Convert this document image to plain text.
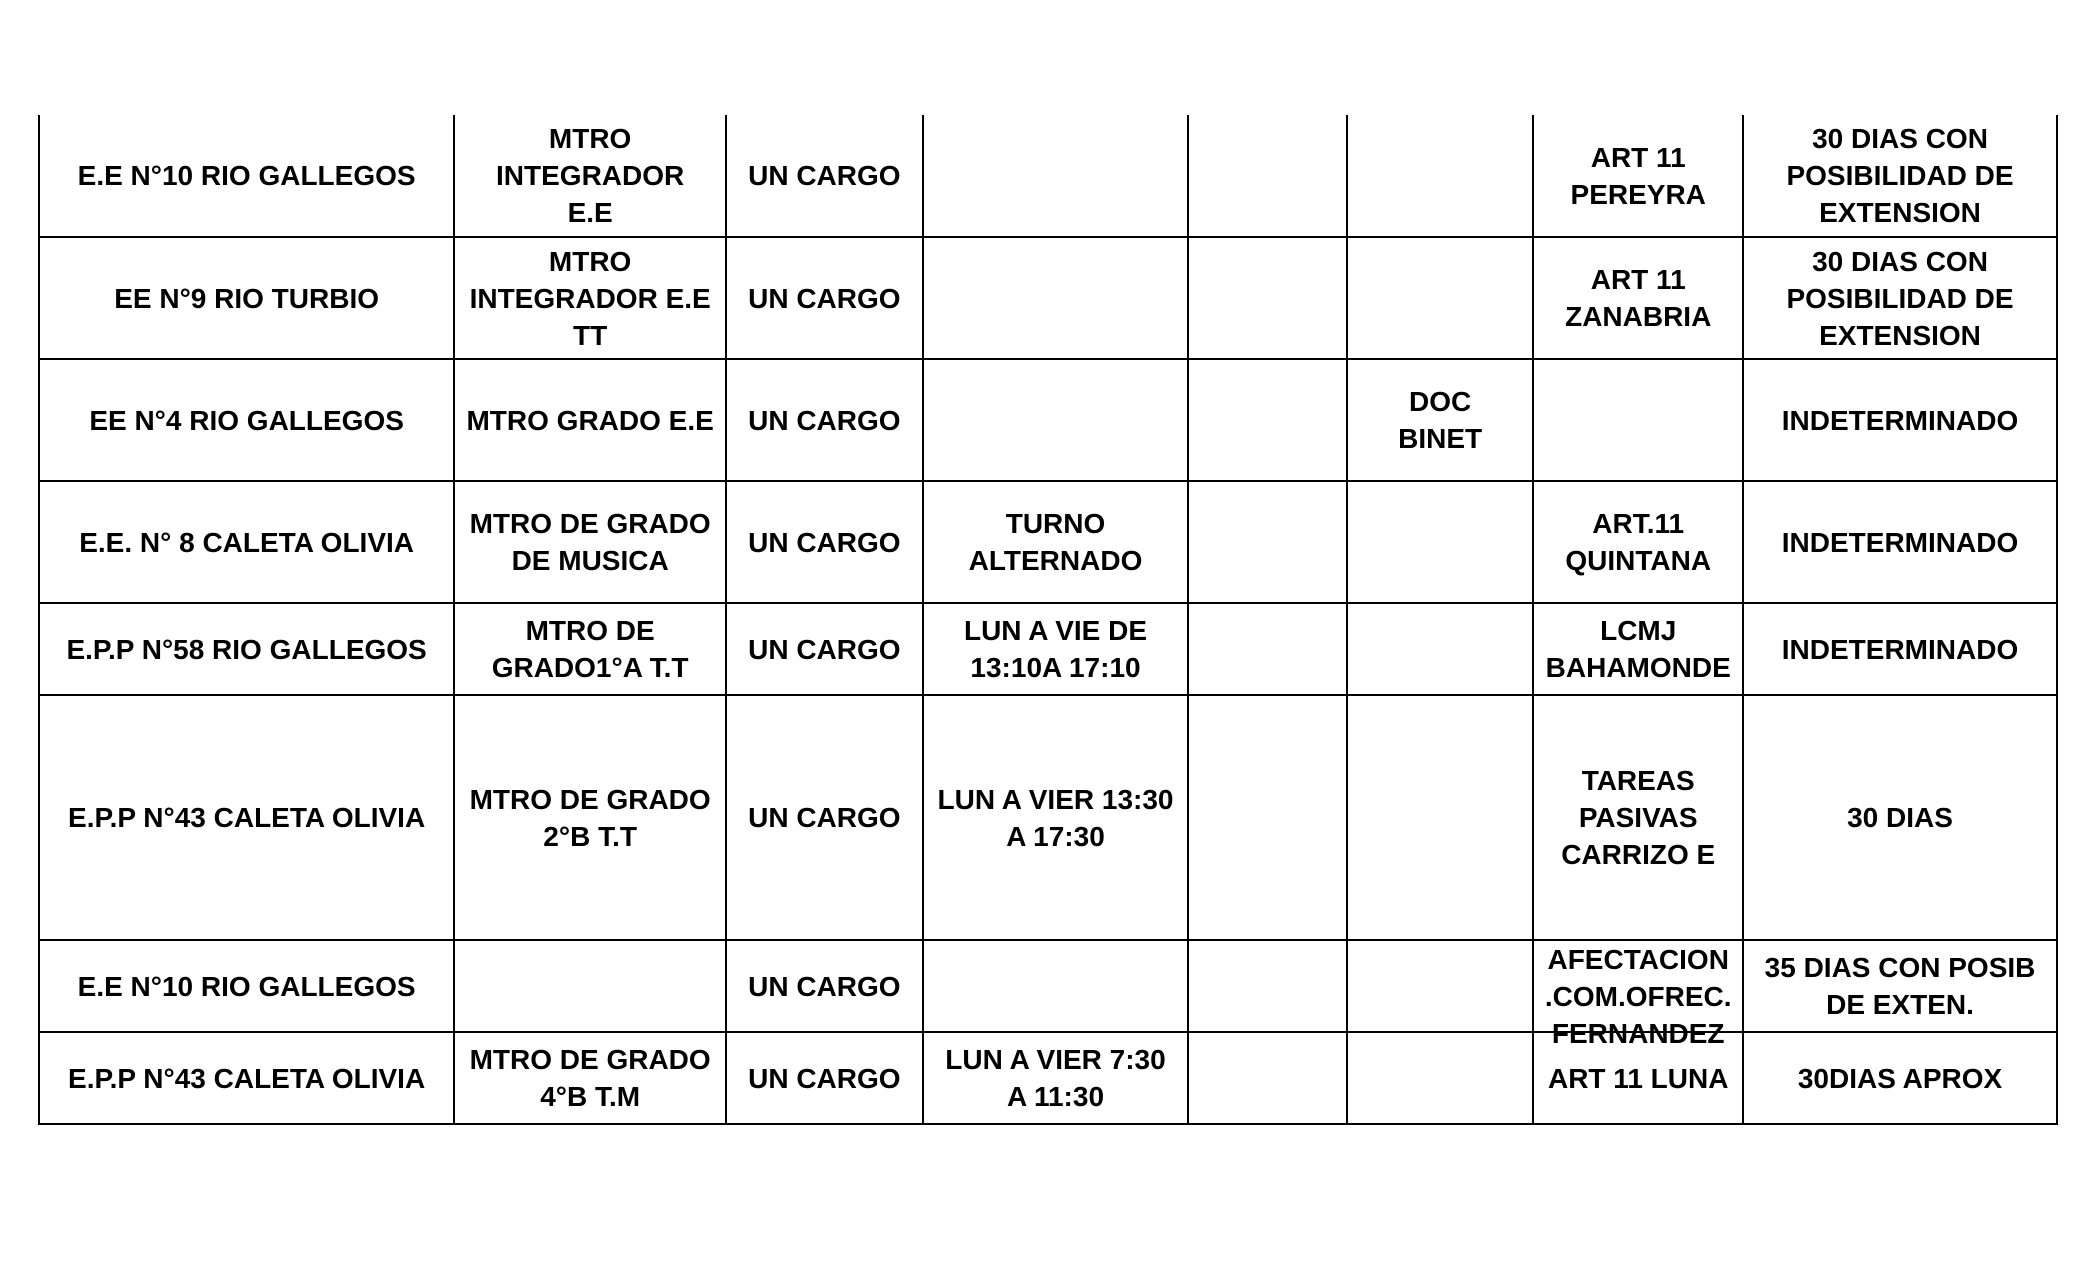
E.E N°10 RIO GALLEGOS	MTRO
INTEGRADOR
E.E	UN CARGO				ART 11
PEREYRA	30 DIAS CON
POSIBILIDAD DE
EXTENSION

EE N°9 RIO TURBIO	MTRO
INTEGRADOR E.E
TT	UN CARGO				ART 11
ZANABRIA	30 DIAS CON
POSIBILIDAD DE
EXTENSION

EE N°4 RIO GALLEGOS	MTRO GRADO E.E	UN CARGO			DOC
BINET		INDETERMINADO

E.E. N° 8 CALETA OLIVIA	MTRO DE GRADO
DE MUSICA	UN CARGO	TURNO
ALTERNADO			ART.11
QUINTANA	INDETERMINADO

E.P.P N°58 RIO GALLEGOS	MTRO DE
GRADO1°A T.T	UN CARGO	LUN A VIE DE
13:10A 17:10			LCMJ
BAHAMONDE	INDETERMINADO

E.P.P N°43 CALETA OLIVIA	MTRO DE GRADO
2°B T.T	UN CARGO	LUN A VIER 13:30
A 17:30			TAREAS
PASIVAS
CARRIZO E	30 DIAS

E.E N°10 RIO GALLEGOS		UN CARGO				AFECTACION
.COM.OFREC.
FERNANDEZ	35 DIAS CON POSIB
DE EXTEN.

E.P.P N°43 CALETA OLIVIA	MTRO DE GRADO
4°B T.M	UN CARGO	LUN A VIER 7:30
A 11:30			ART 11 LUNA	30DIAS APROX
